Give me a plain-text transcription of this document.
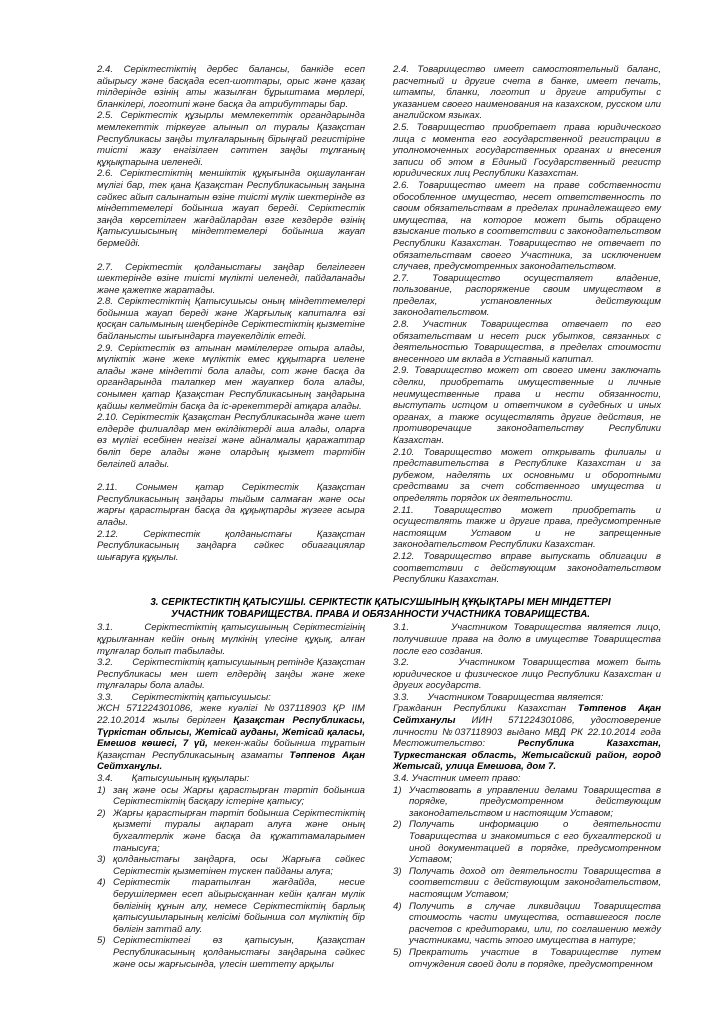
2.4. Серіктестіктің дербес балансы, банкіде есеп айырысу және басқада есеп-шоттары, орыс және қазақ тілдерінде өзінің аты жазылған бұрыштама мөрлері, бланкілері, логотипі және басқа да атрибуттары бар.

2.5. Серіктестік құзырлы мемлекеттік органдарында мемлекеттік тіркеуге алынып ол туралы Қазақстан Республикасы заңды тұлғаларының бірыңғай регистіріне тиісті жазу енгізілген сәттен заңды тұлғаның құқықтарына иеленеді.

2.6. Серіктестіктің меншіктік құқығында оқшауланған мүлігі бар, тек қана Қазақстан Республикасының заңына сәйкес айып салынатын өзіне тиісті мүлік шектерінде өз міндеттемелері бойынша жауап береді. Серіктестік заңда көрсетілген жағдайлардан өзге кездерде өзінің Қатысушысының міндеттемелері бойынша жауап бермейді.

2.7. Серіктестік қолданыстағы заңдар белгілеген шектерінде өзіне тиісті мүлікті иеленеді, пайдаланады және қажетке жаратады.

2.8. Серіктестіктің Қатысушысы оның міндеттемелері бойынша жауап береді және Жарғылық капиталға өзі қосқан салымының шеңберінде Серіктестіктің қызметіне байланысты шығындарға тәуекелділік етеді.

2.9. Серіктестік өз атынан мәмілелерге отыра алады, мүліктік және жеке мүліктік емес құқытарға иелене алады және міндетті бола алады, сот және басқа да органдарында талапкер мен жауапкер бола алады, сонымен қатар Қазақстан Республикасының заңдарына қайшы келмейтін басқа да іс-әрекеттерді атқара алады.

2.10. Серіктестік Қазақстан Республикасында және шет елдерде филиалдар мен өкілдіктерді аша алады, оларға өз мүлігі есебінен негізгі және айналмалы қаражаттар бөліп бере алады және олардың қызмет тәртібін белгілей алады.

2.11. Сонымен қатар Серіктестік Қазақстан Республикасының заңдары тыйым салмаған және осы жарғы қарастырған басқа да құқықтарды жүзеге асыра алады.

2.12. Серіктестік қолданыстағы Қазақстан Республикасының заңдарға сәйкес обиагациялар шығаруға құқылы.

2.4. Товарищество имеет самостоятельный баланс, расчетный и другие счета в банке, имеет печать, штампы, бланки, логотип и другие атрибуты с указанием своего наименования на казахском, русском или английском языках.

2.5. Товарищество приобретает права юридического лица с момента его государственной регистрации в уполномоченных государственных органах и внесения записи об этом в Единый Государственный регистр юридических лиц Республики Казахстан.

2.6. Товарищество имеет на праве собственности обособленное имущество, несет ответственность по своим обязательствам в пределах принадлежащего ему имущества, на которое может быть обращено взыскание только в соответствии с законодательством Республики Казахстан. Товарищество не отвечает по обязательствам своего Участника, за исключением случаев, предусмотренных законодательством.

2.7. Товарищество осуществляет владение, пользование, распоряжение своим имуществом в пределах, установленных действующим законодательством.

2.8. Участник Товарищества отвечает по его обязательствам и несет риск убытков, связанных с деятельностью Товарищества, в пределах стоимости внесенного им вклада в Уставный капитал.

2.9. Товарищество может от своего имени заключать сделки, приобретать имущественные и личные неимущественные права и нести обязанности, выступать истцом и ответчиком в судебных и иных органах, а также осуществлять другие действия, не противоречащие законодательству Республики Казахстан.

2.10. Товарищество может открывать филиалы и представительства в Республике Казахстан и за рубежом, наделять их основными и оборотными средствами за счет собственного имущества и определять порядок их деятельности.

2.11. Товарищество может приобретать и осуществлять также и другие права, предусмотренные настоящим Уставом и не запрещенные законодательством Республики Казахстан.

2.12. Товарищество вправе выпускать облигации в соответствии с действующим законодательством Республики Казахстан.

3. СЕРІКТЕСТІКТІҢ ҚАТЫСУШЫ. СЕРІКТЕСТІК ҚАТЫСУШЫНЫҢ ҚҰҚЫҚТАРЫ МЕН МІНДЕТТЕРІ
УЧАСТНИК ТОВАРИЩЕСТВА. ПРАВА И ОБЯЗАННОСТИ УЧАСТНИКА ТОВАРИЩЕСТВА.

3.1.       Серіктестіктің қатысушының Серіктестігінің құрылғаннан кейін оның мүлкінің үлесіне құқық, алған тұлғалар болып табылады.

3.2.       Серіктестіктің қатысушының ретінде Қазақстан Республикасы мен шет елдердің заңды және жеке тұлғалары бола алады.

3.3.       Серіктестіктің қатысушысы:

ЖСН 571224301086, жеке куәлігі №037118903 ҚР ІІМ 22.10.2014 жылы берілген Қазақстан Республикасы, Түркістан облысы, Жетісай ауданы, Жетісай қаласы, Емешов көшесі, 7 үй, мекен-жайы бойынша тұратын Қазақстан Республикасының азаматы Тәппенов Ақан Сейтханұлы.

3.4.       Қатысушының құқылары:

1) заң және осы Жарғы қарастырған тәртіп бойынша Серіктестіктің басқару істеріне қатысу;
2) Жарғы қарастырған тәртіп бойынша Серіктестіктің қызметі туралы ақпарат алуға және оның бухгалтерлік және басқа да құжаттамаларымен танысуға;
3) қолданыстағы заңдарға, осы Жарғыға сәйкес Серіктестік қызметінен түскен пайданы алуға;
4) Серіктестік таратылған жағдайда, несие берушілермен есеп айырысқаннан кейін қалған мүлік бөлігінің құнын алу, немесе Серіктестіктің барлық қатысушыларының келісімі бойынша сол мүліктің бір бөлігін заттай алу.
5) Серіктестіктегі өз қатысуын, Қазақстан Республикасының қолданыстағы заңдарына сәйкес және осы жарғысында, үлесін шеттету арқылы

3.1.       Участником Товарищества является лицо, получившие права на долю в имуществе Товарищества после его создания.

3.2.       Участником Товарищества может быть юридическое и физическое лицо Республики Казахстан и других государств.

3.3.       Участником Товарищества является:

Гражданин Республики Казахстан Тәтпенов Ақан Сейтханулы ИИН 571224301086, удостоверение личности №037118903 выдано МВД РК 22.10.2014 года Местожительство: Республика Казахстан, Туркестанская область, Жетысайский район, город Жетысай, улица Емешова, дом 7.

3.4. Участник имеет право:

1) Участвовать в управлении делами Товарищества в порядке, предусмотренном действующим законодательством и настоящим Уставом;
2) Получать информацию о деятельности Товарищества и знакомиться с его бухгалтерской и иной документацией в порядке, предусмотренном Уставом;
3) Получать доход от деятельности Товарищества в соответствии с действующим законодательством, настоящим Уставом;
4) Получить в случае ликвидации Товарищества стоимость части имущества, оставшегося после расчетов с кредиторами, или, по соглашению между участниками, часть этого имущества в натуре;
5) Прекратить участие в Товариществе путем отчуждения своей доли в порядке, предусмотренном
